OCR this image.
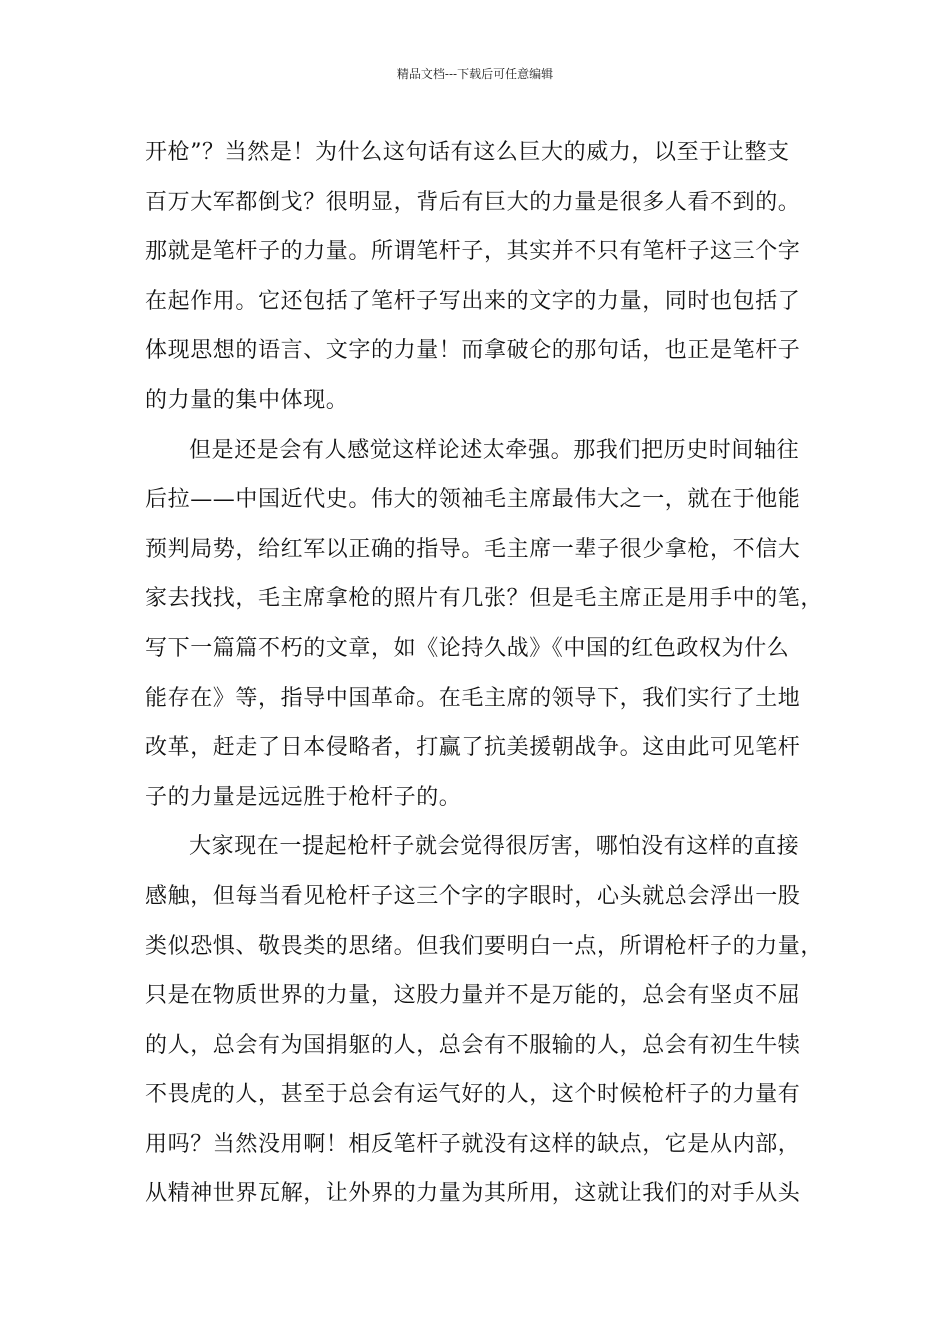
精品文档---下载后可任意编辑
开枪”？当然是！为什么这句话有这么巨大的威力，以至于让整支
百万大军都倒戈？很明显，背后有巨大的力量是很多人看不到的。
那就是笔杆子的力量。所谓笔杆子，其实并不只有笔杆子这三个字
在起作用。它还包括了笔杆子写出来的文字的力量，同时也包括了
体现思想的语言、文字的力量！而拿破仑的那句话，也正是笔杆子
的力量的集中体现。
但是还是会有人感觉这样论述太牵强。那我们把历史时间轴往
后拉——中国近代史。伟大的领袖毛主席最伟大之一，就在于他能
预判局势，给红军以正确的指导。毛主席一辈子很少拿枪，不信大
家去找找，毛主席拿枪的照片有几张？但是毛主席正是用手中的笔，
写下一篇篇不朽的文章，如《论持久战》《中国的红色政权为什么
能存在》等，指导中国革命。在毛主席的领导下，我们实行了土地
改革，赶走了日本侵略者，打赢了抗美援朝战争。这由此可见笔杆
子的力量是远远胜于枪杆子的。
大家现在一提起枪杆子就会觉得很厉害，哪怕没有这样的直接
感触，但每当看见枪杆子这三个字的字眼时，心头就总会浮出一股
类似恐惧、敬畏类的思绪。但我们要明白一点，所谓枪杆子的力量，
只是在物质世界的力量，这股力量并不是万能的，总会有坚贞不屈
的人，总会有为国捐躯的人，总会有不服输的人，总会有初生牛犊
不畏虎的人，甚至于总会有运气好的人，这个时候枪杆子的力量有
用吗？当然没用啊！相反笔杆子就没有这样的缺点，它是从内部，
从精神世界瓦解，让外界的力量为其所用，这就让我们的对手从头
